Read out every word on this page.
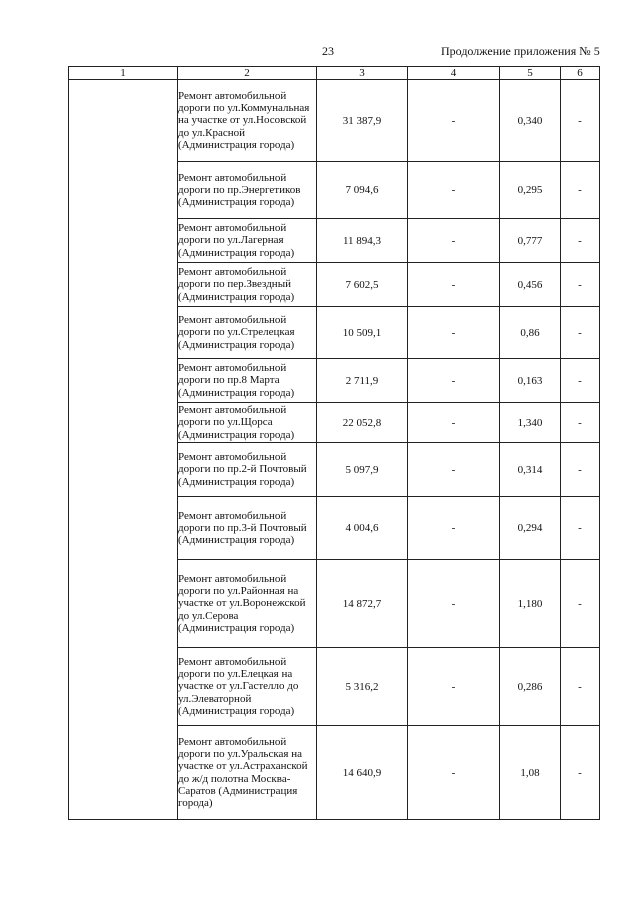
23	Продолжение приложения № 5
1	2	3	4	5	6
	Ремонт автомобильной дороги по ул.Коммунальная на участке от ул.Носовской до ул.Красной (Администрация города)	31 387,9	-	0,340	-
	Ремонт автомобильной дороги по пр.Энергетиков (Администрация города)	7 094,6	-	0,295	-
	Ремонт автомобильной дороги по ул.Лагерная (Администрация города)	11 894,3	-	0,777	-
	Ремонт автомобильной дороги по пер.Звездный (Администрация города)	7 602,5	-	0,456	-
	Ремонт автомобильной дороги по ул.Стрелецкая (Администрация города)	10 509,1	-	0,86	-
	Ремонт автомобильной дороги по пр.8 Марта (Администрация города)	2 711,9	-	0,163	-
	Ремонт автомобильной дороги по ул.Щорса (Администрация города)	22 052,8	-	1,340	-
	Ремонт автомобильной дороги по пр.2-й Почтовый (Администрация города)	5 097,9	-	0,314	-
	Ремонт автомобильной дороги по пр.3-й Почтовый (Администрация города)	4 004,6	-	0,294	-
	Ремонт автомобильной дороги по ул.Районная на участке от ул.Воронежской до ул.Серова (Администрация города)	14 872,7	-	1,180	-
	Ремонт автомобильной дороги по ул.Елецкая на участке от ул.Гастелло до ул.Элеваторной (Администрация города)	5 316,2	-	0,286	-
	Ремонт автомобильной дороги по ул.Уральская на участке от ул.Астраханской до ж/д полотна Москва-Саратов (Администрация города)	14 640,9	-	1,08	-
